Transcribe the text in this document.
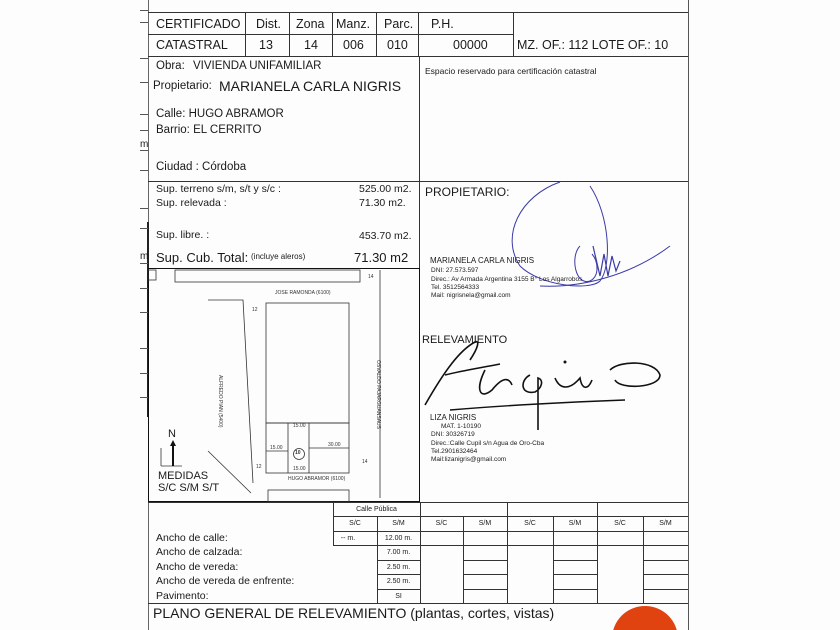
m
m
CERTIFICADO
CATASTRAL
Dist.
13
Zona
14
Manz.
006
Parc.
010
P.H.
00000 MZ. OF.: 112 LOTE OF.: 10
Obra: VIVIENDA UNIFAMILIAR
Propietario: MARIANELA CARLA NIGRIS
Calle: HUGO ABRAMOR
Barrio: EL CERRITO
Ciudad : Córdoba
Espacio reservado para certificación catastral
Sup. terreno s/m, s/t y s/c :	525.00 m2.
Sup. relevada :	71.30 m2.
Sup. libre. :	453.70 m2.
Sup. Cub. Total: (incluye aleros)	71.30 m2
PROPIETARIO:
MARIANELA CARLA NIGRIS
DNI: 27.573.597
Direc.: Av Armada Argentina 3155 B° Los Algarrobos
Tel. 3512564333
Mail: nigrisnela@gmail.com
RELEVAMIENTO
LIZA NIGRIS
MAT. 1-10190
DNI: 30326719
Direc.:Calle Cupil s/n Agua de Oro-Cba
Tel.2901632464
Mail:lizanigris@gmail.com
N
MEDIDAS
S/C S/M S/T
JOSE RAMONDA (6100)
HUGO ABRAMOR (6100)
ALFREDO PIAN (5400)	OSVALDO PAJARGUANSAUS
12
12
14
14
10
15.00
15.00	30.00
15.00
Calle Pública
S/C	S/M	S/C	S/M	S/C	S/M	S/C	S/M
Ancho de calle:	-- m.	12.00 m.
Ancho de calzada:	7.00 m.
Ancho de vereda:	2.50 m.
Ancho de vereda de enfrente:	2.50 m.
Pavimento:	SI
PLANO GENERAL DE RELEVAMIENTO (plantas, cortes, vistas)
